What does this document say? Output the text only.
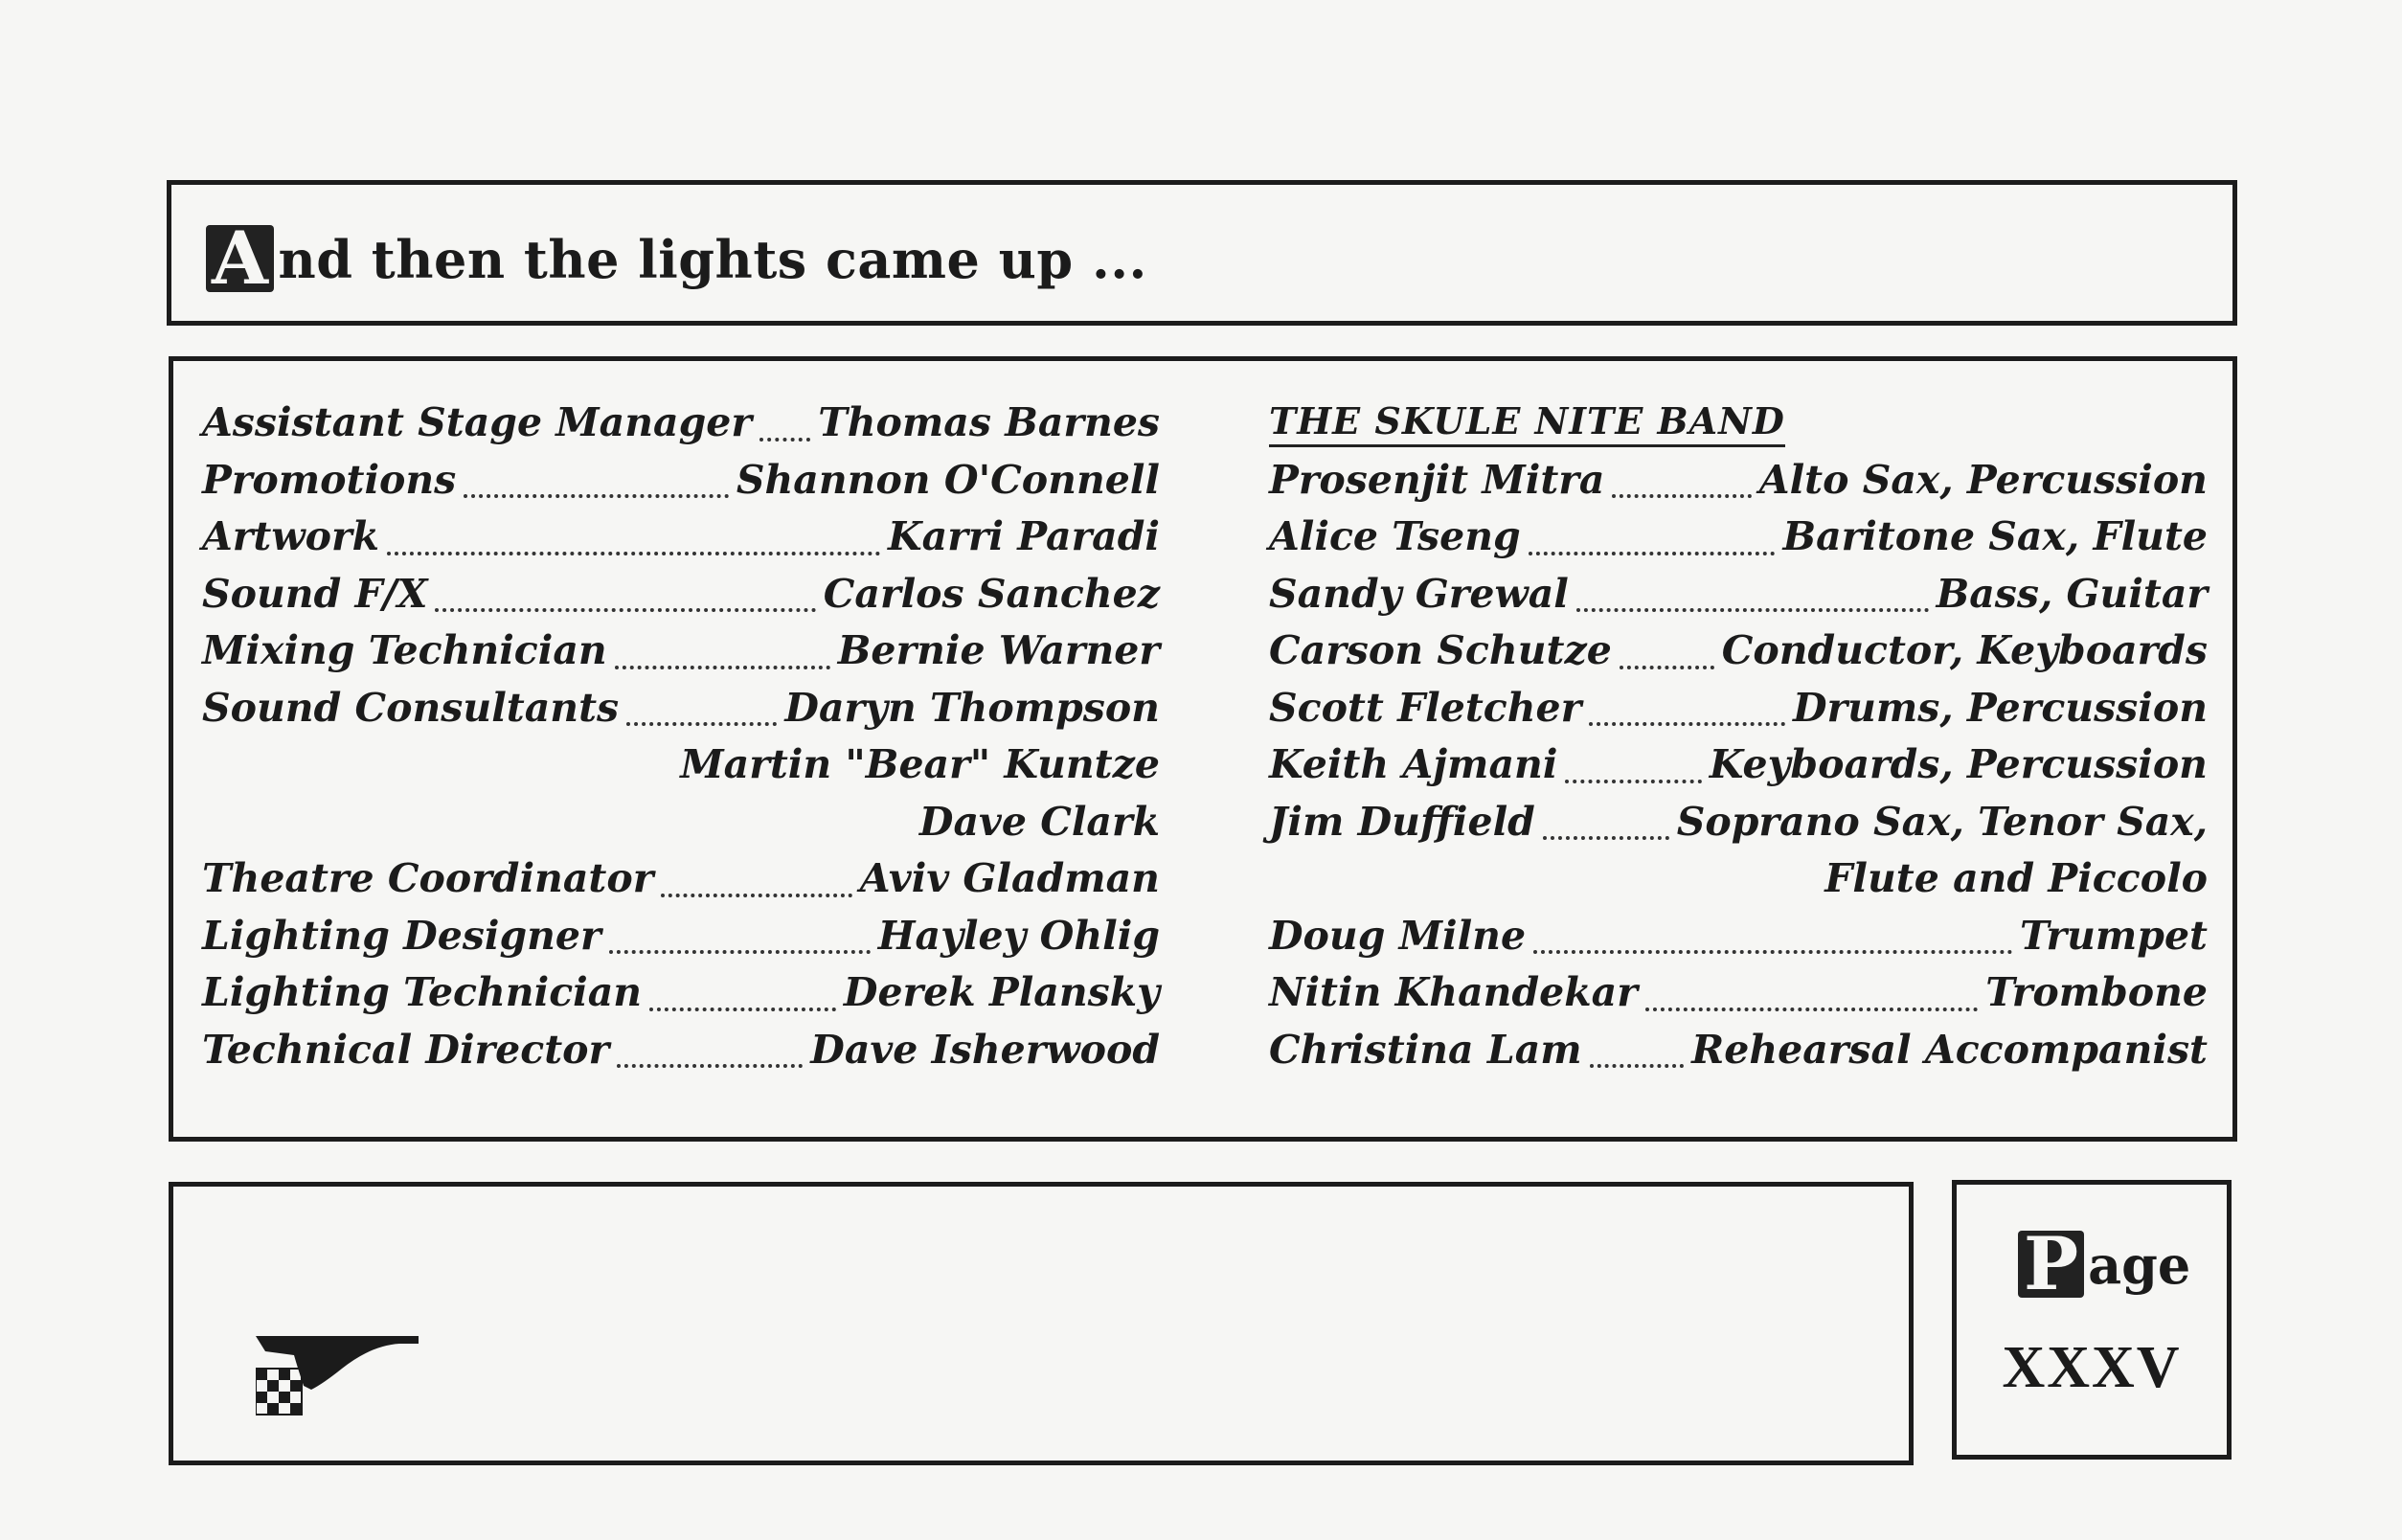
A nd then the lights came up ...
Assistant Stage Manager Thomas Barnes
Promotions	Shannon O'Connell
Artwork	Karri Paradi
Sound F/X	Carlos Sanchez
Mixing Technician	Bernie Warner
Sound Consultants	Daryn Thompson
Martin "Bear" Kuntze
Dave Clark
Theatre Coordinator	Aviv Gladman
Lighting Designer	Hayley Ohlig
Lighting Technician	Derek Plansky
Technical Director	Dave Isherwood
THE SKULE NITE BAND
Prosenjit Mitra	Alto Sax, Percussion
Alice Tseng	Baritone Sax, Flute
Sandy Grewal	Bass, Guitar
Carson Schutze	Conductor, Keyboards
Scott Fletcher	Drums, Percussion
Keith Ajmani	Keyboards, Percussion
Jim Duffield	Soprano Sax, Tenor Sax,
Flute and Piccolo
Doug Milne	Trumpet
Nitin Khandekar	Trombone
Christina Lam	Rehearsal Accompanist
P age
XXXV
